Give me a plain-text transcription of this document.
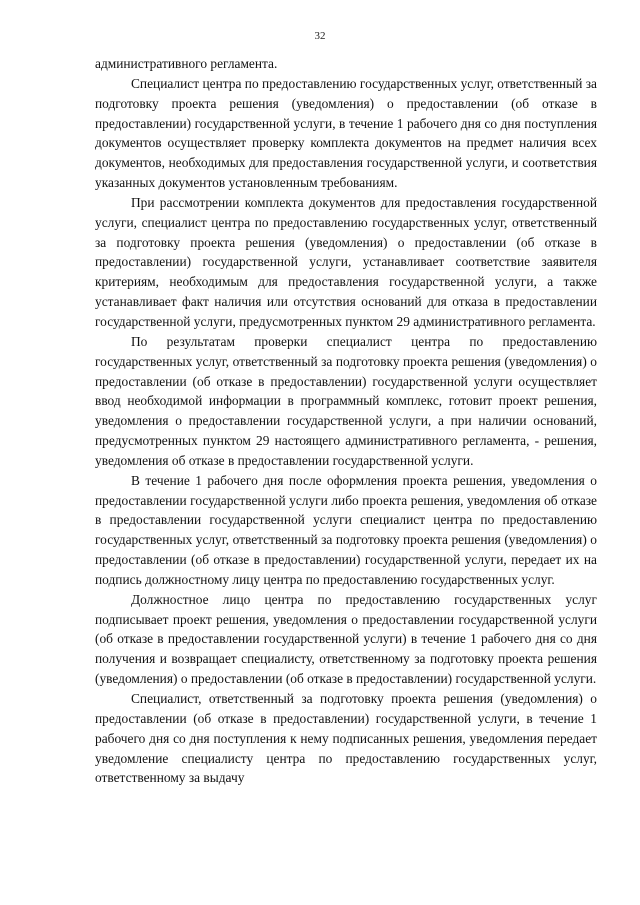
32

административного регламента.

Специалист центра по предоставлению государственных услуг, ответственный за подготовку проекта решения (уведомления) о предоставлении (об отказе в предоставлении) государственной услуги, в течение 1 рабочего дня со дня поступления документов осуществляет проверку комплекта документов на предмет наличия всех документов, необходимых для предоставления государственной услуги, и соответствия указанных документов установленным требованиям.

При рассмотрении комплекта документов для предоставления государственной услуги, специалист центра по предоставлению государственных услуг, ответственный за подготовку проекта решения (уведомления) о предоставлении (об отказе в предоставлении) государственной услуги, устанавливает соответствие заявителя критериям, необходимым для предоставления государственной услуги, а также устанавливает факт наличия или отсутствия оснований для отказа в предоставлении государственной услуги, предусмотренных пунктом 29 административного регламента.

По результатам проверки специалист центра по предоставлению государственных услуг, ответственный за подготовку проекта решения (уведомления) о предоставлении (об отказе в предоставлении) государственной услуги осуществляет ввод необходимой информации в программный комплекс, готовит проект решения, уведомления о предоставлении государственной услуги, а при наличии оснований, предусмотренных пунктом 29 настоящего административного регламента, - решения, уведомления об отказе в предоставлении государственной услуги.

В течение 1 рабочего дня после оформления проекта решения, уведомления о предоставлении государственной услуги либо проекта решения, уведомления об отказе в предоставлении государственной услуги специалист центра по предоставлению государственных услуг, ответственный за подготовку проекта решения (уведомления) о предоставлении (об отказе в предоставлении) государственной услуги, передает их на подпись должностному лицу центра по предоставлению государственных услуг.

Должностное лицо центра по предоставлению государственных услуг подписывает проект решения, уведомления о предоставлении государственной услуги (об отказе в предоставлении государственной услуги) в течение 1 рабочего дня со дня получения и возвращает специалисту, ответственному за подготовку проекта решения (уведомления) о предоставлении (об отказе в предоставлении) государственной услуги.

Специалист, ответственный за подготовку проекта решения (уведомления) о предоставлении (об отказе в предоставлении) государственной услуги, в течение 1 рабочего дня со дня поступления к нему подписанных решения, уведомления передает уведомление специалисту центра по предоставлению государственных услуг, ответственному за выдачу
